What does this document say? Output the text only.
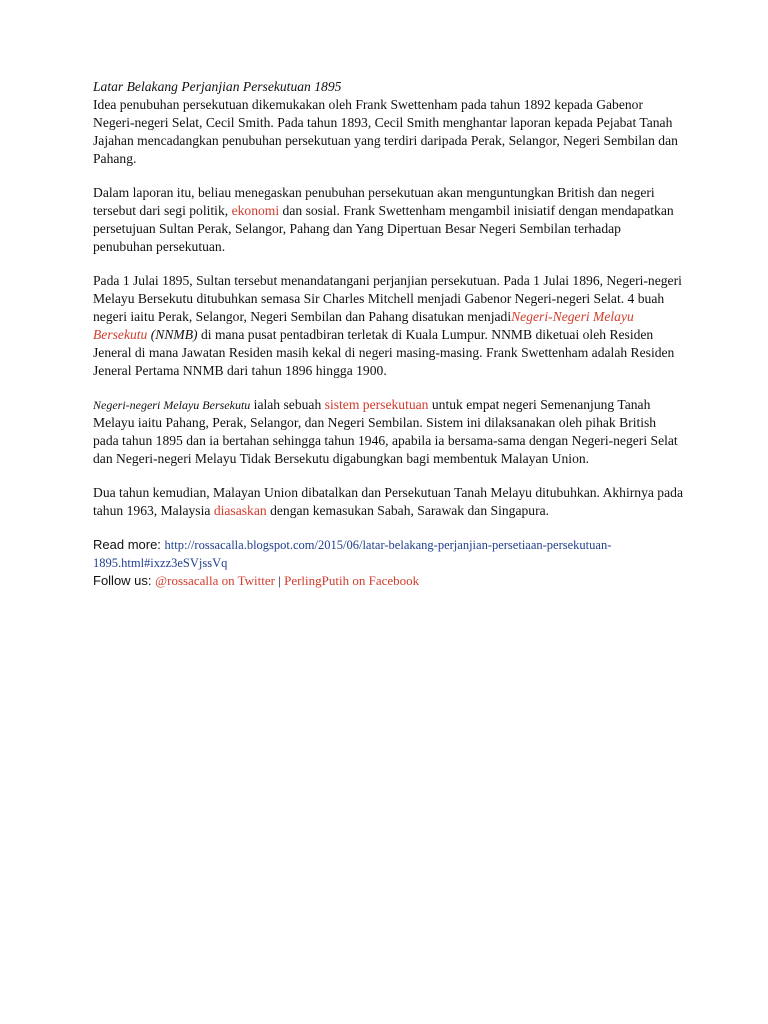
Latar Belakang Perjanjian Persekutuan 1895

Idea penubuhan persekutuan dikemukakan oleh Frank Swettenham pada tahun 1892 kepada Gabenor Negeri-negeri Selat, Cecil Smith. Pada tahun 1893, Cecil Smith menghantar laporan kepada Pejabat Tanah Jajahan mencadangkan penubuhan persekutuan yang terdiri daripada Perak, Selangor, Negeri Sembilan dan Pahang.

Dalam laporan itu, beliau menegaskan penubuhan persekutuan akan menguntungkan British dan negeri tersebut dari segi politik, ekonomi dan sosial. Frank Swettenham mengambil inisiatif dengan mendapatkan persetujuan Sultan Perak, Selangor, Pahang dan Yang Dipertuan Besar Negeri Sembilan terhadap penubuhan persekutuan.

Pada 1 Julai 1895, Sultan tersebut menandatangani perjanjian persekutuan. Pada 1 Julai 1896, Negeri-negeri Melayu Bersekutu ditubuhkan semasa Sir Charles Mitchell menjadi Gabenor Negeri-negeri Selat. 4 buah negeri iaitu Perak, Selangor, Negeri Sembilan dan Pahang disatukan menjadiNegeri-Negeri Melayu Bersekutu (NNMB) di mana pusat pentadbiran terletak di Kuala Lumpur. NNMB diketuai oleh Residen Jeneral di mana Jawatan Residen masih kekal di negeri masing-masing. Frank Swettenham adalah Residen Jeneral Pertama NNMB dari tahun 1896 hingga 1900.

Negeri-negeri Melayu Bersekutu ialah sebuah sistem persekutuan untuk empat negeri Semenanjung Tanah Melayu iaitu Pahang, Perak, Selangor, dan Negeri Sembilan. Sistem ini dilaksanakan oleh pihak British pada tahun 1895 dan ia bertahan sehingga tahun 1946, apabila ia bersama-sama dengan Negeri-negeri Selat dan Negeri-negeri Melayu Tidak Bersekutu digabungkan bagi membentuk Malayan Union.

Dua tahun kemudian, Malayan Union dibatalkan dan Persekutuan Tanah Melayu ditubuhkan. Akhirnya pada tahun 1963, Malaysia diasaskan dengan kemasukan Sabah, Sarawak dan Singapura.

Read more: http://rossacalla.blogspot.com/2015/06/latar-belakang-perjanjian-persetiaan-persekutuan-1895.html#ixzz3eSVjssVq
Follow us: @rossacalla on Twitter | PerlingPutih on Facebook
